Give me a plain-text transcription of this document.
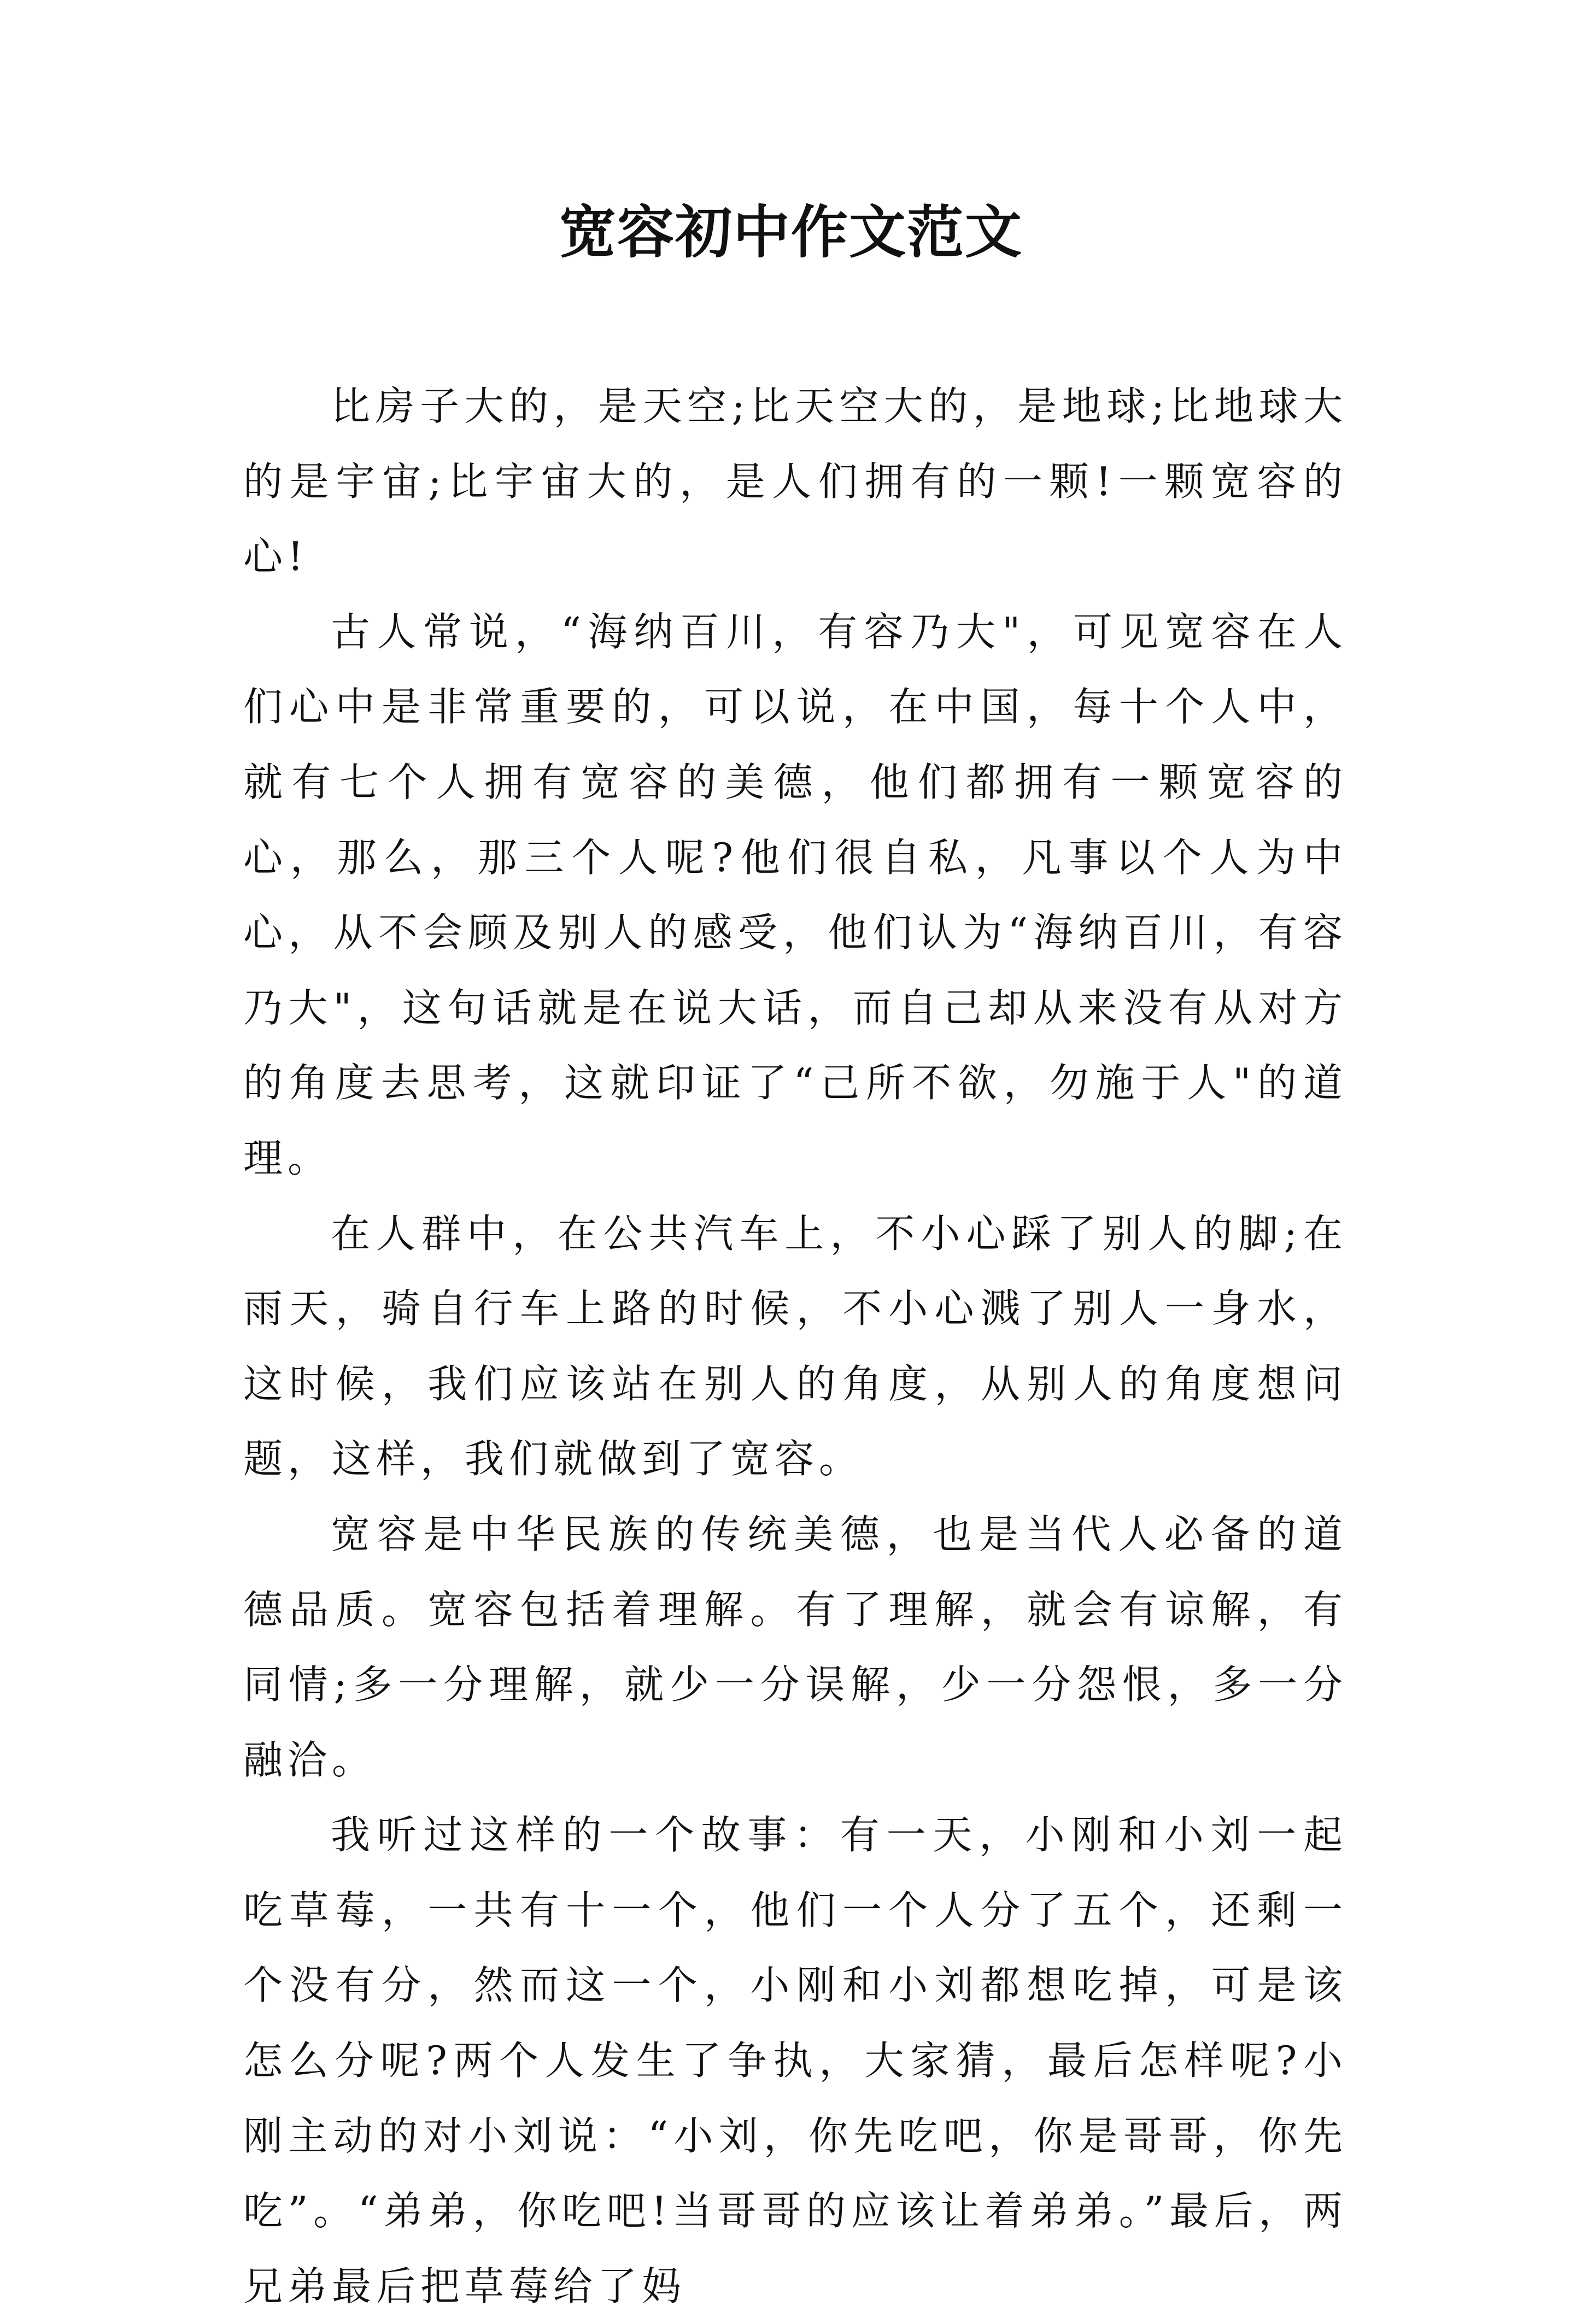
宽容初中作文范文

比房子大的，是天空;比天空大的，是地球;比地球大的是宇宙;比宇宙大的，是人们拥有的一颗!一颗宽容的心!

古人常说，“海纳百川，有容乃大"，可见宽容在人们心中是非常重要的，可以说，在中国，每十个人中，就有七个人拥有宽容的美德，他们都拥有一颗宽容的心，那么，那三个人呢?他们很自私，凡事以个人为中心，从不会顾及别人的感受，他们认为“海纳百川，有容乃大"，这句话就是在说大话，而自己却从来没有从对方的角度去思考，这就印证了“己所不欲，勿施于人"的道理。

在人群中，在公共汽车上，不小心踩了别人的脚;在雨天，骑自行车上路的时候，不小心溅了别人一身水，这时候，我们应该站在别人的角度，从别人的角度想问题，这样，我们就做到了宽容。

宽容是中华民族的传统美德，也是当代人必备的道德品质。宽容包括着理解。有了理解，就会有谅解，有同情;多一分理解，就少一分误解，少一分怨恨，多一分融洽。

我听过这样的一个故事：有一天，小刚和小刘一起吃草莓，一共有十一个，他们一个人分了五个，还剩一个没有分，然而这一个，小刚和小刘都想吃掉，可是该怎么分呢?两个人发生了争执，大家猜，最后怎样呢?小刚主动的对小刘说：“小刘，你先吃吧，你是哥哥，你先吃”。“弟弟，你吃吧!当哥哥的应该让着弟弟。”最后，两兄弟最后把草莓给了妈
